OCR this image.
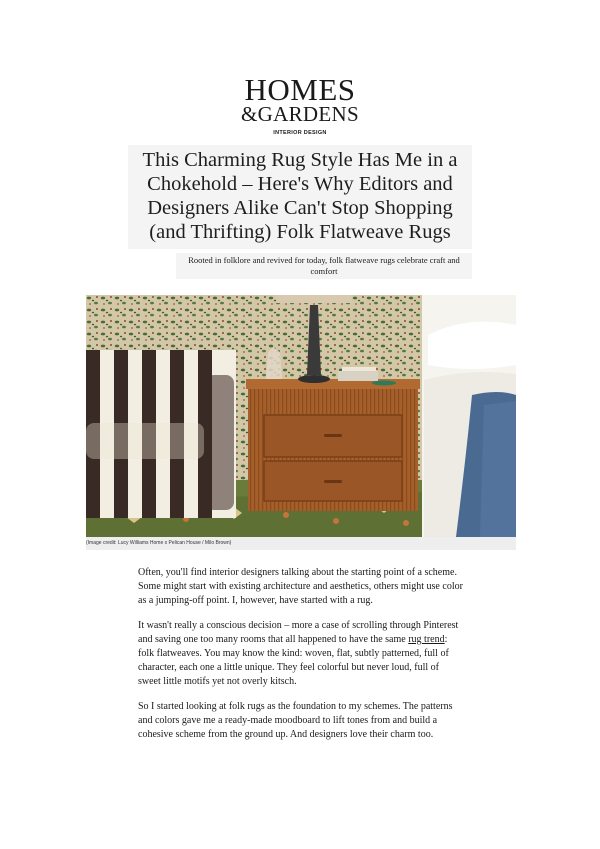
HOMES
&GARDENS
INTERIOR DESIGN
This Charming Rug Style Has Me in a Chokehold – Here's Why Editors and Designers Alike Can't Stop Shopping (and Thrifting) Folk Flatweave Rugs
Rooted in folklore and revived for today, folk flatweave rugs celebrate craft and comfort
(Image credit: Lucy Williams Home x Pelican House / Milo Brown)

Often, you'll find interior designers talking about the starting point of a scheme. Some might start with existing architecture and aesthetics, others might use color as a jumping-off point. I, however, have started with a rug.

It wasn't really a conscious decision – more a case of scrolling through Pinterest and saving one too many rooms that all happened to have the same rug trend: folk flatweaves. You may know the kind: woven, flat, subtly patterned, full of character, each one a little unique. They feel colorful but never loud, full of sweet little motifs yet not overly kitsch.

So I started looking at folk rugs as the foundation to my schemes. The patterns and colors gave me a ready-made moodboard to lift tones from and build a cohesive scheme from the ground up. And designers love their charm too.
